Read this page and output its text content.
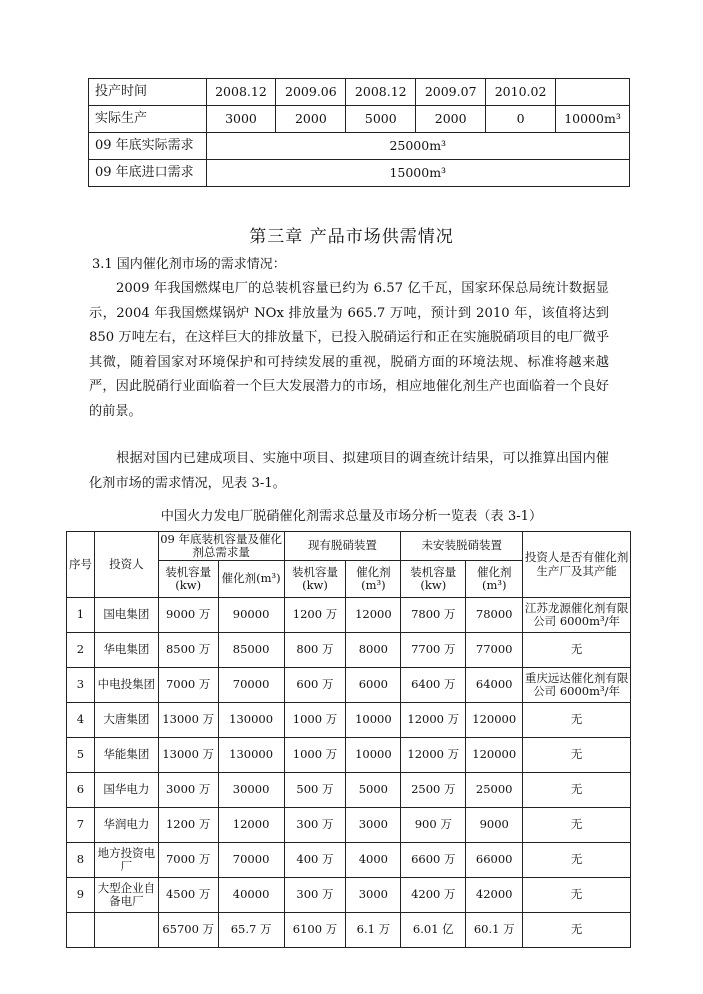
投产时间	2008.12	2009.06	2008.12	2009.07	2010.02	
实际生产	3000	2000	5000	2000	0	10000m³
09 年底实际需求	25000m³					
09 年底进口需求	15000m³					
第三章 产品市场供需情况
3.1 国内催化剂市场的需求情况：
2009 年我国燃煤电厂的总装机容量已约为 6.57 亿千瓦，国家环保总局统计数据显示，2004 年我国燃煤锅炉 NOx 排放量为 665.7 万吨，预计到 2010 年，该值将达到 850 万吨左右，在这样巨大的排放量下，已投入脱硝运行和正在实施脱硝项目的电厂微乎其微，随着国家对环境保护和可持续发展的重视，脱硝方面的环境法规、标准将越来越严，因此脱硝行业面临着一个巨大发展潜力的市场，相应地催化剂生产也面临着一个良好的前景。
根据对国内已建成项目、实施中项目、拟建项目的调查统计结果，可以推算出国内催化剂市场的需求情况，见表 3-1。
中国火力发电厂脱硝催化剂需求总量及市场分析一览表（表 3-1）
序号	投资人	09 年底装机容量及催化剂总需求量		现有脱硝装置		未安装脱硝装置		投资人是否有催化剂生产厂及其产能
		装机容量(kw)	催化剂(m³)	装机容量(kw)	催化剂(m³)	装机容量(kw)	催化剂(m³)	
1	国电集团	9000 万	90000	1200 万	12000	7800 万	78000	江苏龙源催化剂有限公司 6000m³/年
2	华电集团	8500 万	85000	800 万	8000	7700 万	77000	无
3	中电投集团	7000 万	70000	600 万	6000	6400 万	64000	重庆远达催化剂有限公司 6000m³/年
4	大唐集团	13000 万	130000	1000 万	10000	12000 万	120000	无
5	华能集团	13000 万	130000	1000 万	10000	12000 万	120000	无
6	国华电力	3000 万	30000	500 万	5000	2500 万	25000	无
7	华润电力	1200 万	12000	300 万	3000	900 万	9000	无
8	地方投资电厂	7000 万	70000	400 万	4000	6600 万	66000	无
9	大型企业自备电厂	4500 万	40000	300 万	3000	4200 万	42000	无
		65700 万	65.7 万	6100 万	6.1 万	6.01 亿	60.1 万	无
